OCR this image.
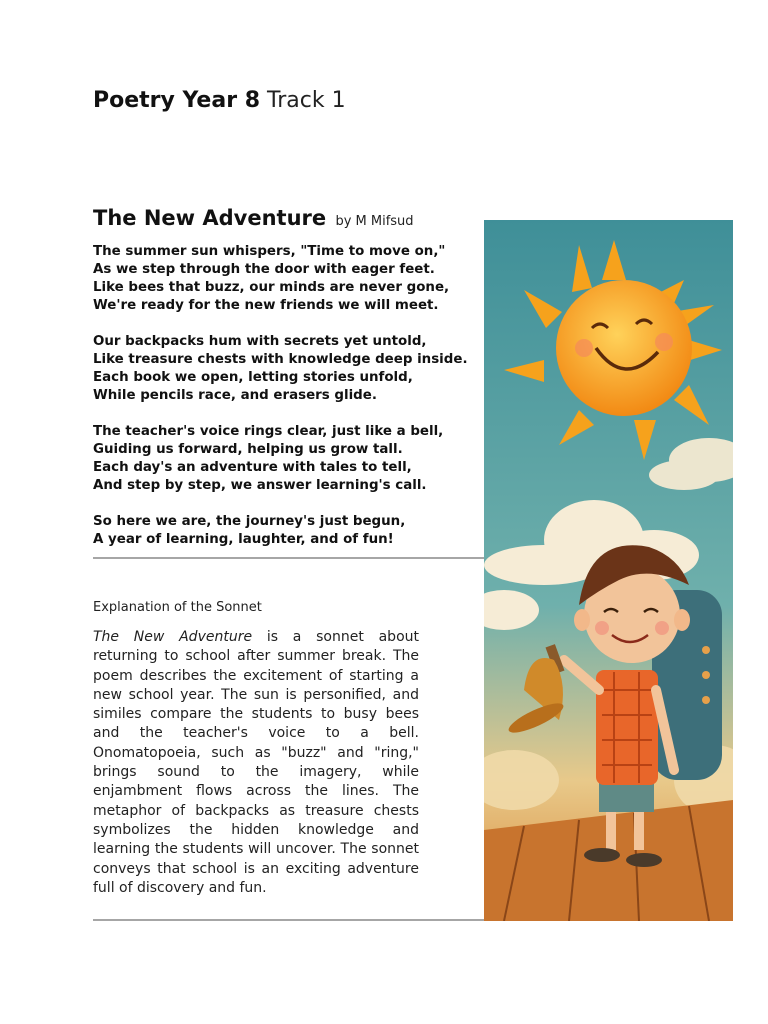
Poetry Year 8 Track 1
The New Adventure by M Mifsud
The summer sun whispers, "Time to move on,"
As we step through the door with eager feet.
Like bees that buzz, our minds are never gone,
We're ready for the new friends we will meet.
Our backpacks hum with secrets yet untold,
Like treasure chests with knowledge deep inside.
Each book we open, letting stories unfold,
While pencils race, and erasers glide.
The teacher's voice rings clear, just like a bell,
Guiding us forward, helping us grow tall.
Each day's an adventure with tales to tell,
And step by step, we answer learning's call.
So here we are, the journey's just begun,
A year of learning, laughter, and of fun!
Explanation of the Sonnet
The New Adventure is a sonnet about returning to school after summer break. The poem describes the excitement of starting a new school year. The sun is personified, and similes compare the students to busy bees and the teacher's voice to a bell. Onomatopoeia, such as "buzz" and "ring," brings sound to the imagery, while enjambment flows across the lines. The metaphor of backpacks as treasure chests symbolizes the hidden knowledge and learning the students will uncover. The sonnet conveys that school is an exciting adventure full of discovery and fun.
